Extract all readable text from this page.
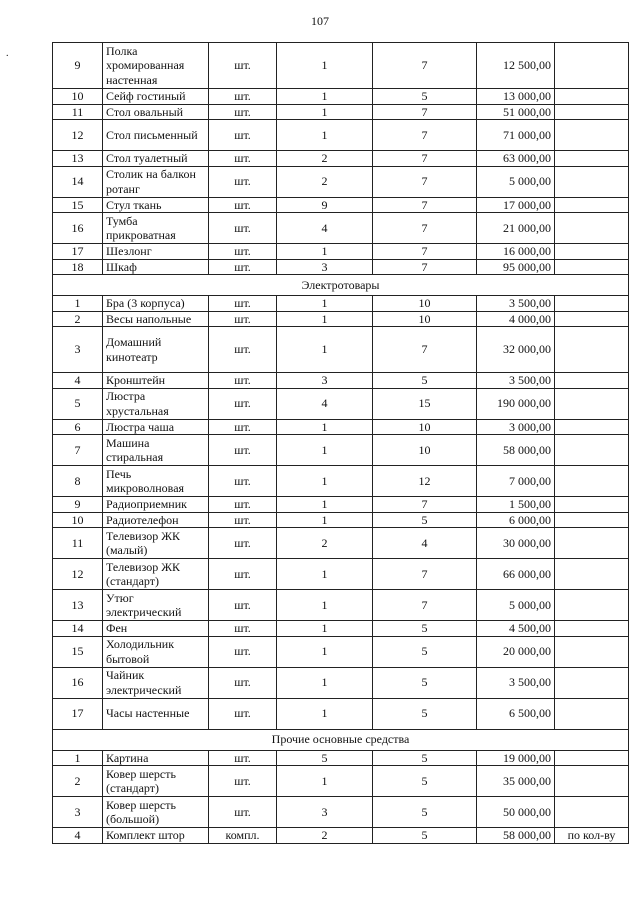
107
.
9	Полка хромированная настенная	шт.	1	7	12 500,00	
10	Сейф гостиный	шт.	1	5	13 000,00	
11	Стол овальный	шт.	1	7	51 000,00	
12	Стол письменный	шт.	1	7	71 000,00	
13	Стол туалетный	шт.	2	7	63 000,00	
14	Столик на балкон ротанг	шт.	2	7	5 000,00	
15	Стул ткань	шт.	9	7	17 000,00	
16	Тумба прикроватная	шт.	4	7	21 000,00	
17	Шезлонг	шт.	1	7	16 000,00	
18	Шкаф	шт.	3	7	95 000,00	
Электротовары						
1	Бра (3 корпуса)	шт.	1	10	3 500,00	
2	Весы напольные	шт.	1	10	4 000,00	
3	Домашний кинотеатр	шт.	1	7	32 000,00	
4	Кронштейн	шт.	3	5	3 500,00	
5	Люстра хрустальная	шт.	4	15	190 000,00	
6	Люстра чаша	шт.	1	10	3 000,00	
7	Машина стиральная	шт.	1	10	58 000,00	
8	Печь микроволновая	шт.	1	12	7 000,00	
9	Радиоприемник	шт.	1	7	1 500,00	
10	Радиотелефон	шт.	1	5	6 000,00	
11	Телевизор ЖК (малый)	шт.	2	4	30 000,00	
12	Телевизор ЖК (стандарт)	шт.	1	7	66 000,00	
13	Утюг электрический	шт.	1	7	5 000,00	
14	Фен	шт.	1	5	4 500,00	
15	Холодильник бытовой	шт.	1	5	20 000,00	
16	Чайник электрический	шт.	1	5	3 500,00	
17	Часы настенные	шт.	1	5	6 500,00	
Прочие основные средства						
1	Картина	шт.	5	5	19 000,00	
2	Ковер шерсть (стандарт)	шт.	1	5	35 000,00	
3	Ковер шерсть (большой)	шт.	3	5	50 000,00	
4	Комплект штор	компл.	2	5	58 000,00	по кол-ву
